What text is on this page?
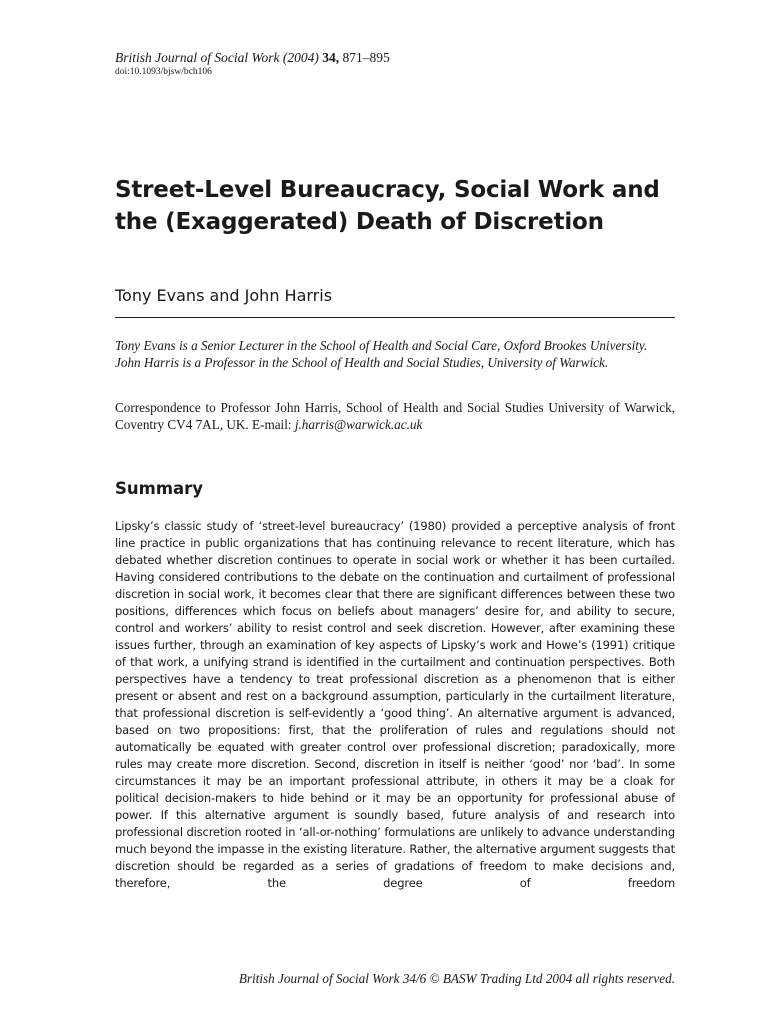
British Journal of Social Work (2004) 34, 871–895
doi:10.1093/bjsw/bch106
Street-Level Bureaucracy, Social Work and the (Exaggerated) Death of Discretion
Tony Evans and John Harris

Tony Evans is a Senior Lecturer in the School of Health and Social Care, Oxford Brookes University.

John Harris is a Professor in the School of Health and Social Studies, University of Warwick.

Correspondence to Professor John Harris, School of Health and Social Studies University of Warwick, Coventry CV4 7AL, UK. E-mail: j.harris@warwick.ac.uk
Summary

Lipsky’s classic study of ‘street-level bureaucracy’ (1980) provided a perceptive analysis of front line practice in public organizations that has continuing relevance to recent literature, which has debated whether discretion continues to operate in social work or whether it has been curtailed. Having considered contributions to the debate on the continuation and curtailment of professional discretion in social work, it becomes clear that there are significant differences between these two positions, differences which focus on beliefs about managers’ desire for, and ability to secure, control and workers’ ability to resist control and seek discretion. However, after examining these issues further, through an examination of key aspects of Lipsky’s work and Howe’s (1991) critique of that work, a unifying strand is identified in the curtailment and continuation perspectives. Both perspectives have a tendency to treat professional discretion as a phenomenon that is either present or absent and rest on a background assumption, particularly in the curtailment literature, that professional discretion is self-evidently a ‘good thing’. An alternative argument is advanced, based on two propositions: first, that the proliferation of rules and regulations should not automatically be equated with greater control over professional discretion; paradoxically, more rules may create more discretion. Second, discretion in itself is neither ‘good’ nor ‘bad’. In some circumstances it may be an important professional attribute, in others it may be a cloak for political decision-makers to hide behind or it may be an opportunity for professional abuse of power. If this alternative argument is soundly based, future analysis of and research into professional discretion rooted in ‘all-or-nothing’ formulations are unlikely to advance understanding much beyond the impasse in the existing literature. Rather, the alternative argument suggests that discretion should be regarded as a series of gradations of freedom to make decisions and, therefore, the degree of freedom

British Journal of Social Work 34/6 © BASW Trading Ltd 2004 all rights reserved.
